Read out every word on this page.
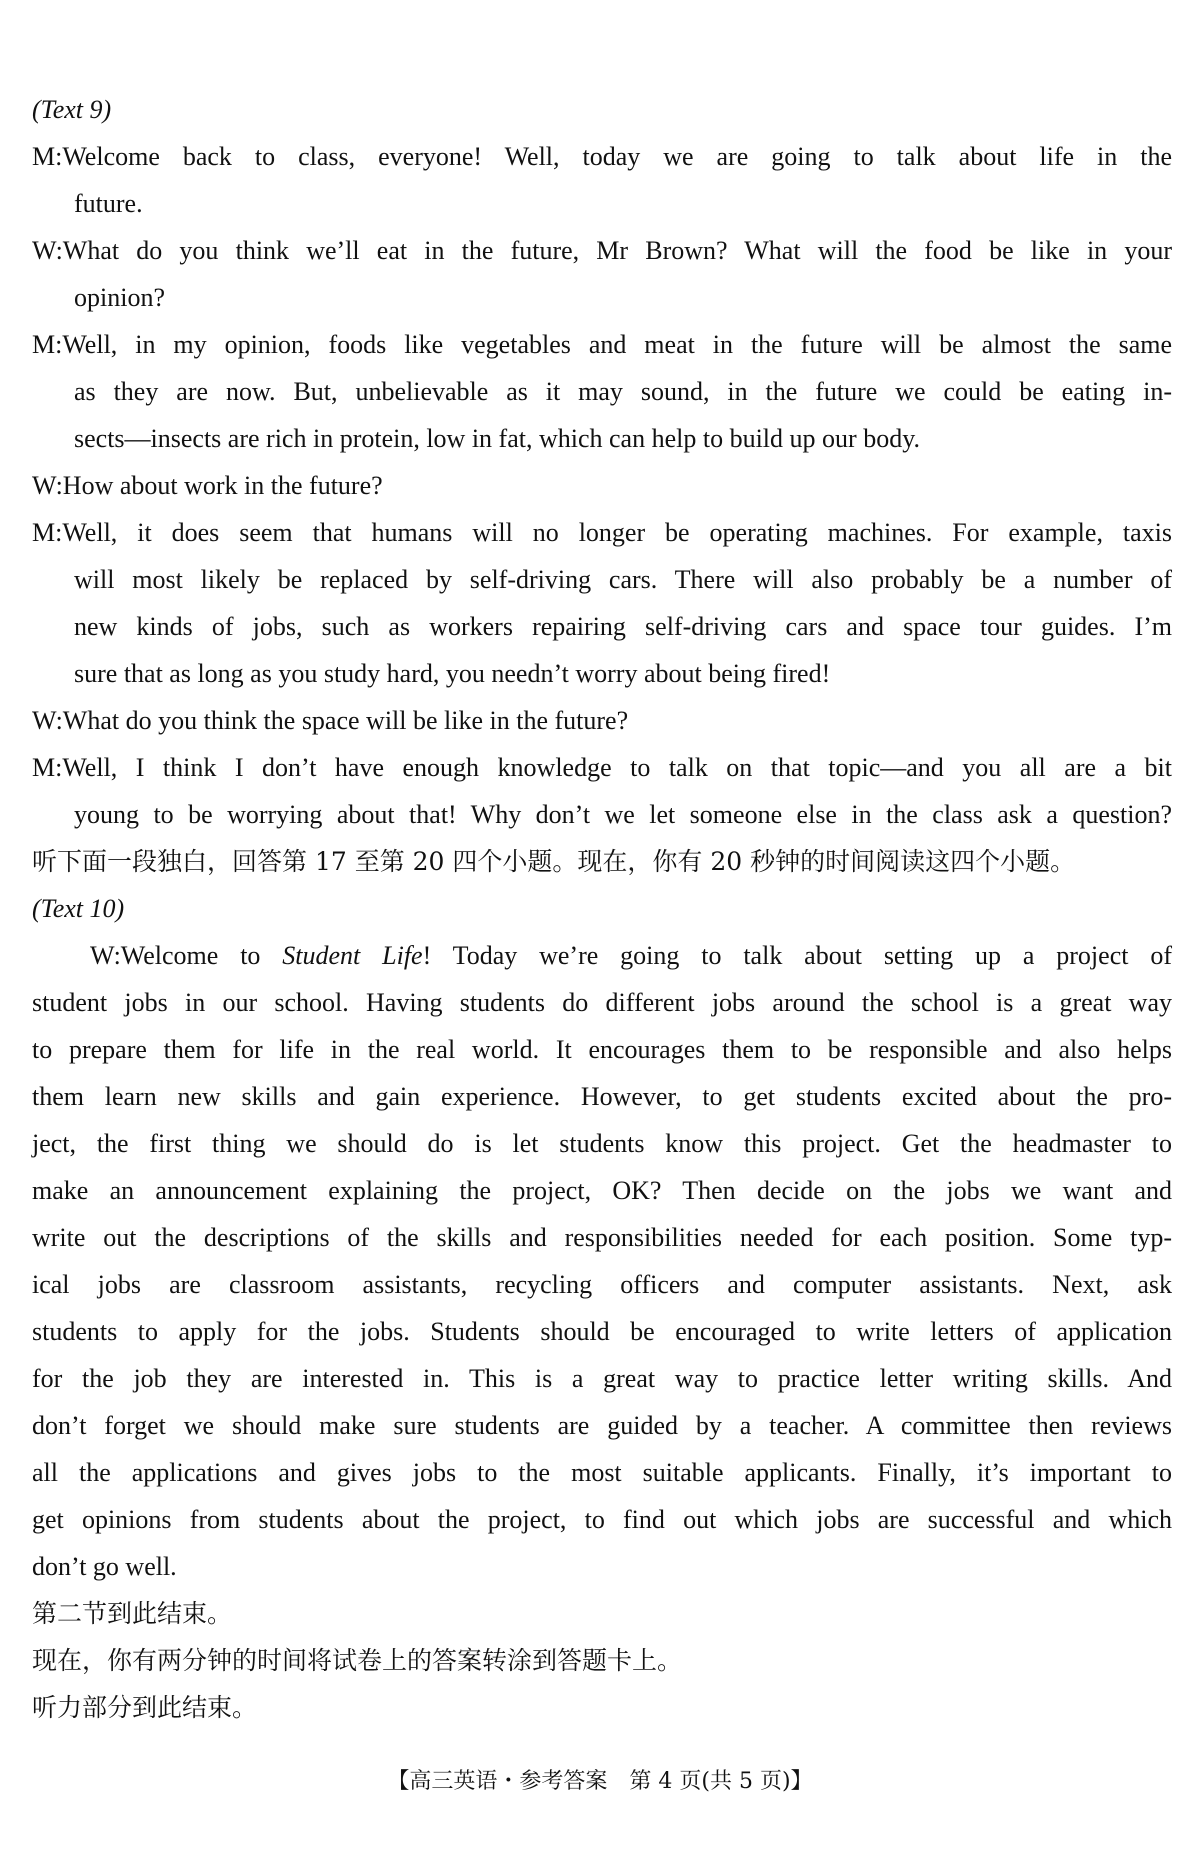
(Text 9)

M:Welcome back to class, everyone! Well, today we are going to talk about life in the

future.

W:What do you think we’ll eat in the future, Mr Brown? What will the food be like in your

opinion?

M:Well, in my opinion, foods like vegetables and meat in the future will be almost the same

as they are now. But, unbelievable as it may sound, in the future we could be eating in-

sects—insects are rich in protein, low in fat, which can help to build up our body.

W:How about work in the future?

M:Well, it does seem that humans will no longer be operating machines. For example, taxis

will most likely be replaced by self-driving cars. There will also probably be a number of

new kinds of jobs, such as workers repairing self-driving cars and space tour guides. I’m

sure that as long as you study hard, you needn’t worry about being fired!

W:What do you think the space will be like in the future?

M:Well, I think I don’t have enough knowledge to talk on that topic—and you all are a bit

young to be worrying about that! Why don’t we let someone else in the class ask a question?

听下面一段独白，回答第 17 至第 20 四个小题。现在，你有 20 秒钟的时间阅读这四个小题。

(Text 10)

W:Welcome to Student Life! Today we’re going to talk about setting up a project of

student jobs in our school. Having students do different jobs around the school is a great way

to prepare them for life in the real world. It encourages them to be responsible and also helps

them learn new skills and gain experience. However, to get students excited about the pro-

ject, the first thing we should do is let students know this project. Get the headmaster to

make an announcement explaining the project, OK? Then decide on the jobs we want and

write out the descriptions of the skills and responsibilities needed for each position. Some typ-

ical jobs are classroom assistants, recycling officers and computer assistants. Next, ask

students to apply for the jobs. Students should be encouraged to write letters of application

for the job they are interested in. This is a great way to practice letter writing skills. And

don’t forget we should make sure students are guided by a teacher. A committee then reviews

all the applications and gives jobs to the most suitable applicants. Finally, it’s important to

get opinions from students about the project, to find out which jobs are successful and which

don’t go well.

第二节到此结束。

现在，你有两分钟的时间将试卷上的答案转涂到答题卡上。

听力部分到此结束。

【高三英语・参考答案　第 4 页(共 5 页)】
